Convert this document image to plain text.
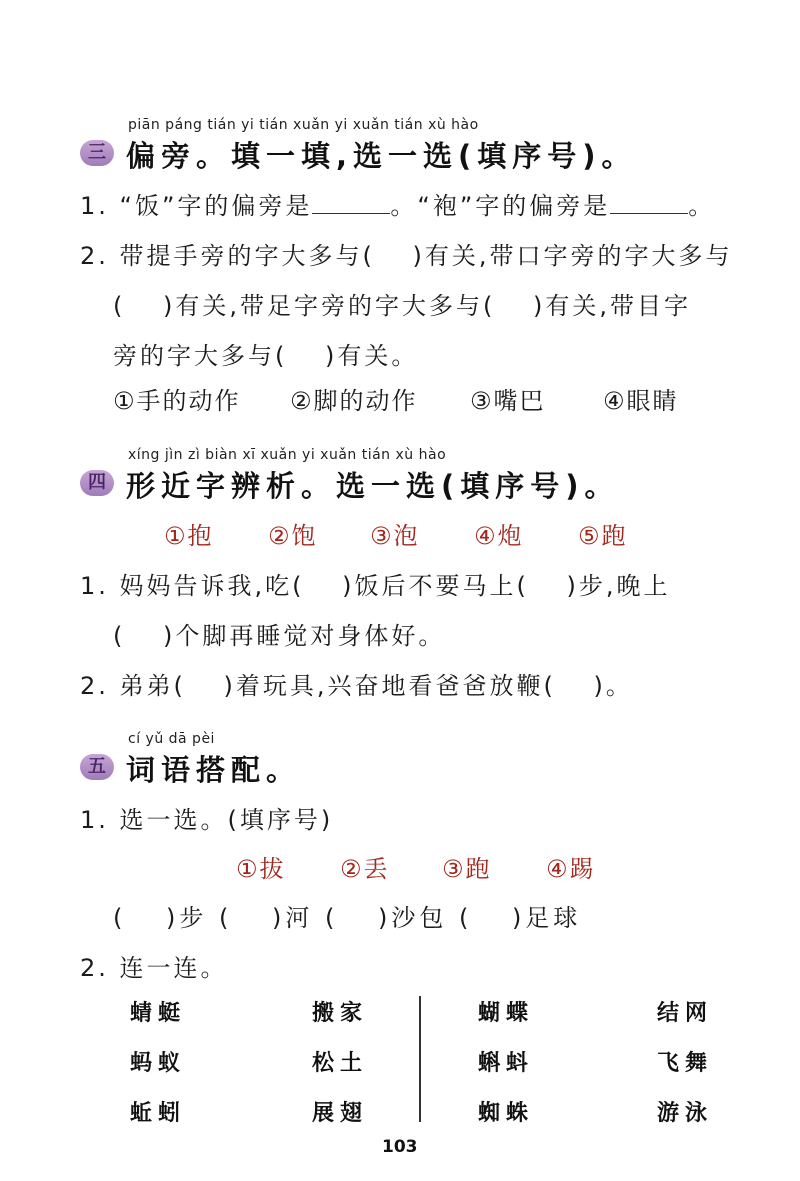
piān páng tián yi tián xuǎn yi xuǎn tián xù hào
三 偏旁。填一填,选一选(填序号)。
1. “饭”字的偏旁是	。“袍”字的偏旁是	。
2. 带提手旁的字大多与(　 )有关,带口字旁的字大多与
(　 )有关,带足字旁的字大多与(　 )有关,带目字
旁的字大多与(　 )有关。
①手的动作 ②脚的动作 ③嘴巴 ④眼睛
xíng jìn zì biàn xī xuǎn yi xuǎn tián xù hào
四 形近字辨析。选一选(填序号)。
①抱 ②饱 ③泡 ④炮 ⑤跑
1. 妈妈告诉我,吃(　 )饭后不要马上(　 )步,晚上
(　 )个脚再睡觉对身体好。
2. 弟弟(　 )着玩具,兴奋地看爸爸放鞭(　 )。
cí yǔ dā pèi
五 词语搭配。
1. 选一选。(填序号)
①拔 ②丢 ③跑 ④踢
(　 )步 (　 )河 (　 )沙包 (　 )足球
2. 连一连。
蜻蜓
蚂蚁
蚯蚓
搬家
松土
展翅
蝴蝶
蝌蚪
蜘蛛
结网
飞舞
游泳
103
